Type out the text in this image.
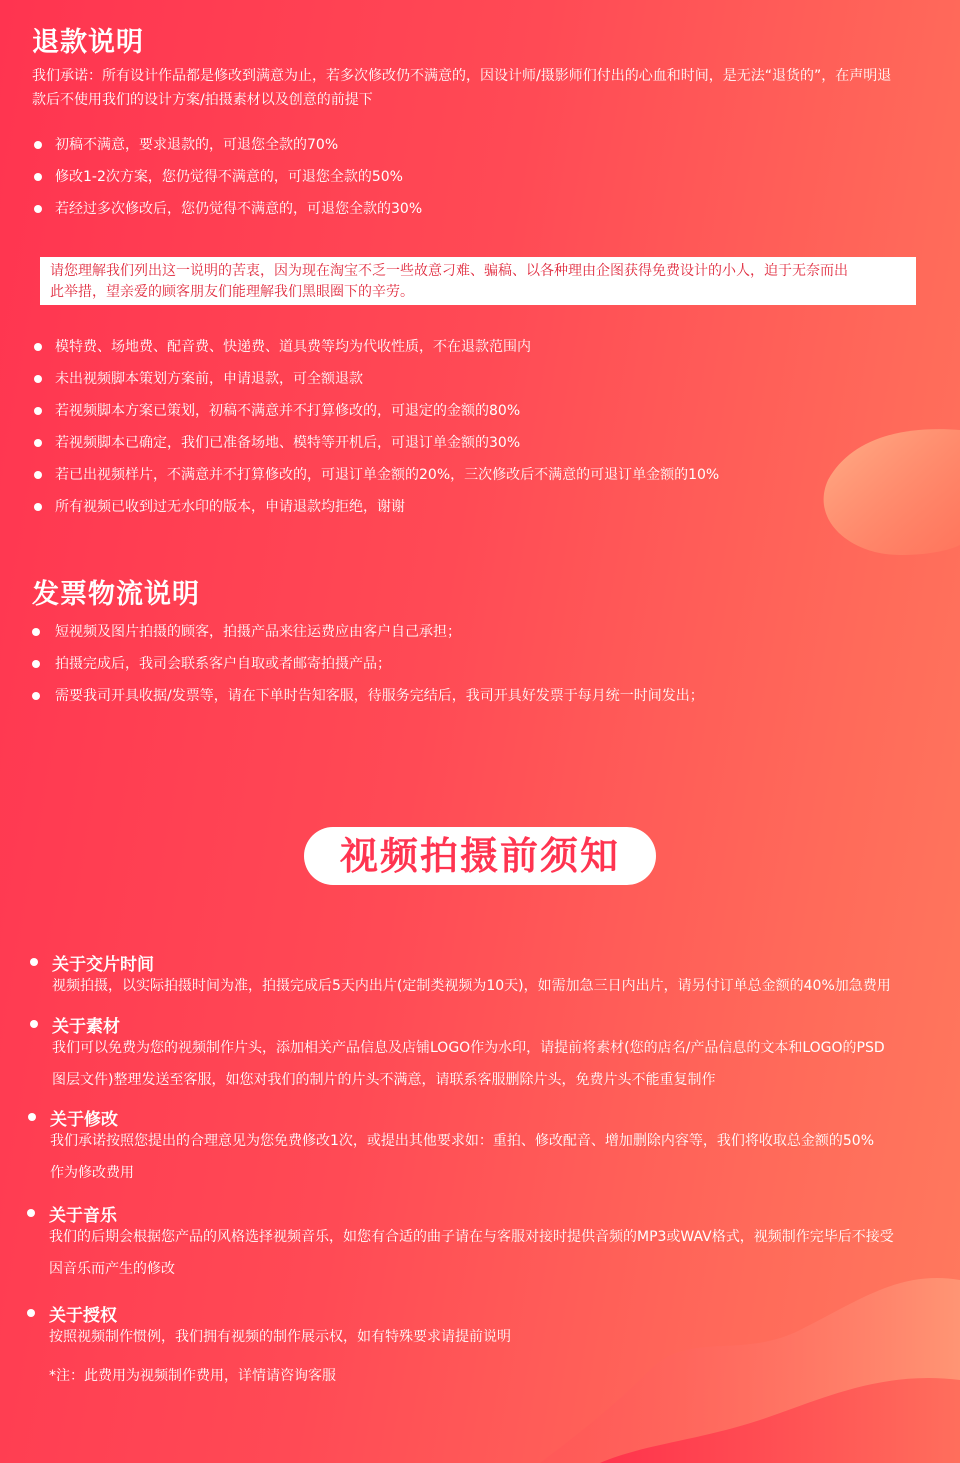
退款说明
我们承诺：所有设计作品都是修改到满意为止，若多次修改仍不满意的，因设计师/摄影师们付出的心血和时间，是无法“退货的”，在声明退
款后不使用我们的设计方案/拍摄素材以及创意的前提下
初稿不满意，要求退款的，可退您全款的70%
修改1-2次方案，您仍觉得不满意的，可退您全款的50%
若经过多次修改后，您仍觉得不满意的，可退您全款的30%
请您理解我们列出这一说明的苦衷，因为现在淘宝不乏一些故意刁难、骗稿、以各种理由企图获得免费设计的小人，迫于无奈而出
此举措，望亲爱的顾客朋友们能理解我们黑眼圈下的辛劳。
模特费、场地费、配音费、快递费、道具费等均为代收性质，不在退款范围内
未出视频脚本策划方案前，申请退款，可全额退款
若视频脚本方案已策划，初稿不满意并不打算修改的，可退定的金额的80%
若视频脚本已确定，我们已准备场地、模特等开机后，可退订单金额的30%
若已出视频样片，不满意并不打算修改的，可退订单金额的20%，三次修改后不满意的可退订单金额的10%
所有视频已收到过无水印的版本，申请退款均拒绝，谢谢
发票物流说明
短视频及图片拍摄的顾客，拍摄产品来往运费应由客户自己承担；
拍摄完成后，我司会联系客户自取或者邮寄拍摄产品；
需要我司开具收据/发票等，请在下单时告知客服，待服务完结后，我司开具好发票于每月统一时间发出；
视频拍摄前须知
关于交片时间
视频拍摄，以实际拍摄时间为准，拍摄完成后5天内出片(定制类视频为10天)，如需加急三日内出片，请另付订单总金额的40%加急费用
关于素材
我们可以免费为您的视频制作片头，添加相关产品信息及店铺LOGO作为水印，请提前将素材(您的店名/产品信息的文本和LOGO的PSD
图层文件)整理发送至客服，如您对我们的制片的片头不满意，请联系客服删除片头，免费片头不能重复制作
关于修改
我们承诺按照您提出的合理意见为您免费修改1次，或提出其他要求如：重拍、修改配音、增加删除内容等，我们将收取总金额的50%
作为修改费用
关于音乐
我们的后期会根据您产品的风格选择视频音乐，如您有合适的曲子请在与客服对接时提供音频的MP3或WAV格式，视频制作完毕后不接受
因音乐而产生的修改
关于授权
按照视频制作惯例，我们拥有视频的制作展示权，如有特殊要求请提前说明
*注：此费用为视频制作费用，详情请咨询客服
